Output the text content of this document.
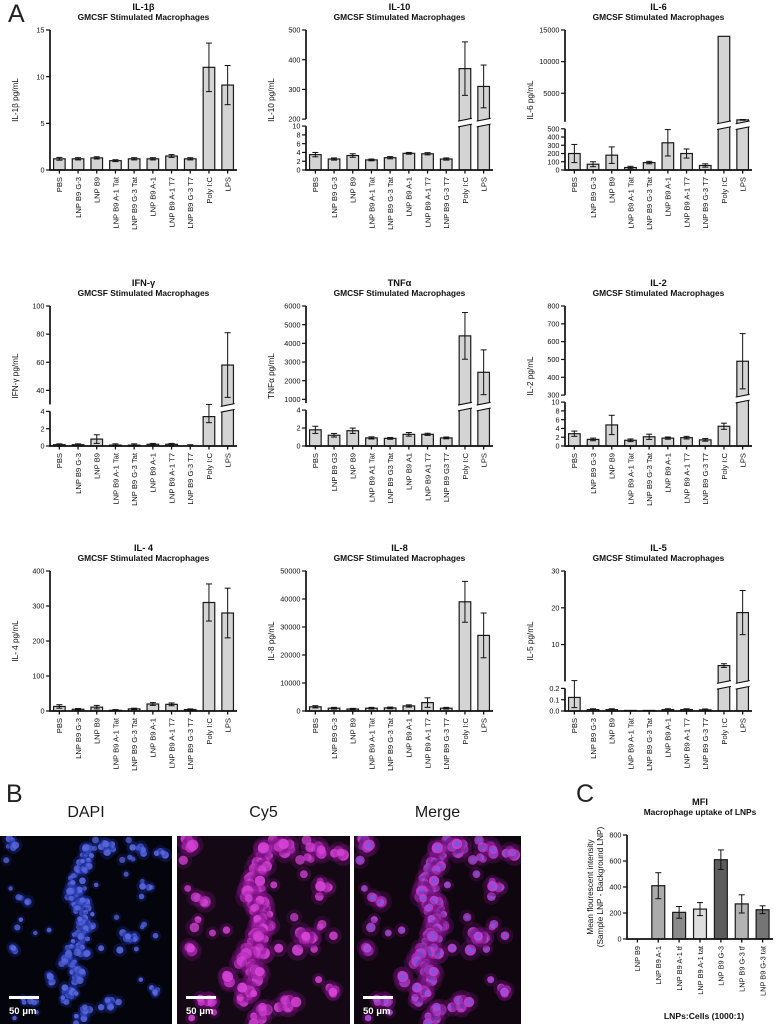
A
PBS LNP B9 G-3 LNP B9 LNP B9 A-1 Tat LNP B9 G-3 Tat LNP B9 A-1 LNP B9 A-1 T7 LNP B9 G-3 T7 Poly I:C LPS
0
5
10
15
IL-1β
GMCSF Stimulated Macrophages
IL-1β pg/mL
PBS LNP B9 G-3 LNP B9 LNP B9 A-1 Tat LNP B9 G-3 Tat LNP B9 A-1 LNP B9 A-1 T7 LNP B9 G-3 T7 Poly I:C LPS
0
2
4
6
8
10
200
300
400
500
IL-10
GMCSF Stimulated Macrophages
IL-10 pg/mL
PBS LNP B9 G-3 LNP B9 LNP B9 A-1 Tat LNP B9 G-3 Tat LNP B9 A-1 LNP B9 A-1 T7 LNP B9 G-3 T7 Poly I:C LPS
0
100
200
300
400
500
5000
10000
15000
IL-6
GMCSF Stimulated Macrophages
IL-6 pg/mL
PBS LNP B9 G-3 LNP B9 LNP B9 A-1 Tat LNP B9 G-3 Tat LNP B9 A-1 LNP B9 A-1 T7 LNP B9 G-3 T7 Poly I:C LPS
0
2
4
40
60
80
100
IFN-γ
GMCSF Stimulated Macrophages
IFN-γ pg/mL
PBS LNP B9 G3 LNP B9 LNP B9 A1 Tat LNP B9 G3 Tat LNP B9 A1 LNP B9 A1 T7 LNP B9 G3 T7 Poly I:C LPS
0
2
4
1000
2000
3000
4000
5000
6000
TNFα
GMCSF Stimulated Macrophages
TNFα pg/mL
PBS LNP B9 G-3 LNP B9 LNP B9 A-1 Tat LNP B9 G-3 Tat LNP B9 A-1 LNP B9 A-1 T7 LNP B9 G-3 T7 Poly I:C LPS
0
2
4
6
8
10
300
400
500
600
700
800
IL-2
GMCSF Stimulated Macrophages
IL-2 pg/mL
PBS LNP B9 G-3 LNP B9 LNP B9 A-1 Tat LNP B9 G-3 Tat LNP B9 A-1 LNP B9 A-1 T7 LNP B9 G-3 T7 Poly I:C LPS
0
100
200
300
400
IL- 4
GMCSF Stimulated Macrophages
IL- 4 pg/mL
PBS LNP B9 G-3 LNP B9 LNP B9 A-1 Tat LNP B9 G-3 Tat LNP B9 A-1 LNP B9 A-1 T7 LNP B9 G-3 T7 Poly I:C LPS
0
10000
20000
30000
40000
50000
IL-8
GMCSF Stimulated Macrophages
IL-8 pg/mL
PBS LNP B9 G-3 LNP B9 LNP B9 A-1 Tat LNP B9 G-3 Tat LNP B9 A-1 LNP B9 A-1 T7 LNP B9 G-3 T7 Poly I:C LPS
0.0
0.1
0.2
10
20
30
IL-5
GMCSF Stimulated Macrophages
IL-5 pg/mL
B
DAPI	Cy5	Merge
50 μm	50 μm	50 μm
C
LNP B9 LNP B9 A-1 LNP B9 A-1 tf LNP B9 A-1 tat LNP B9 G-3 LNP B9 G-3 tf LNP B9 G-3 tat
0
200
400
600
800
MFI
Macrophage uptake of LNPs
Mean flourescent intensity (Sample LNP - Background LNP)
LNPs:Cells (1000:1)
